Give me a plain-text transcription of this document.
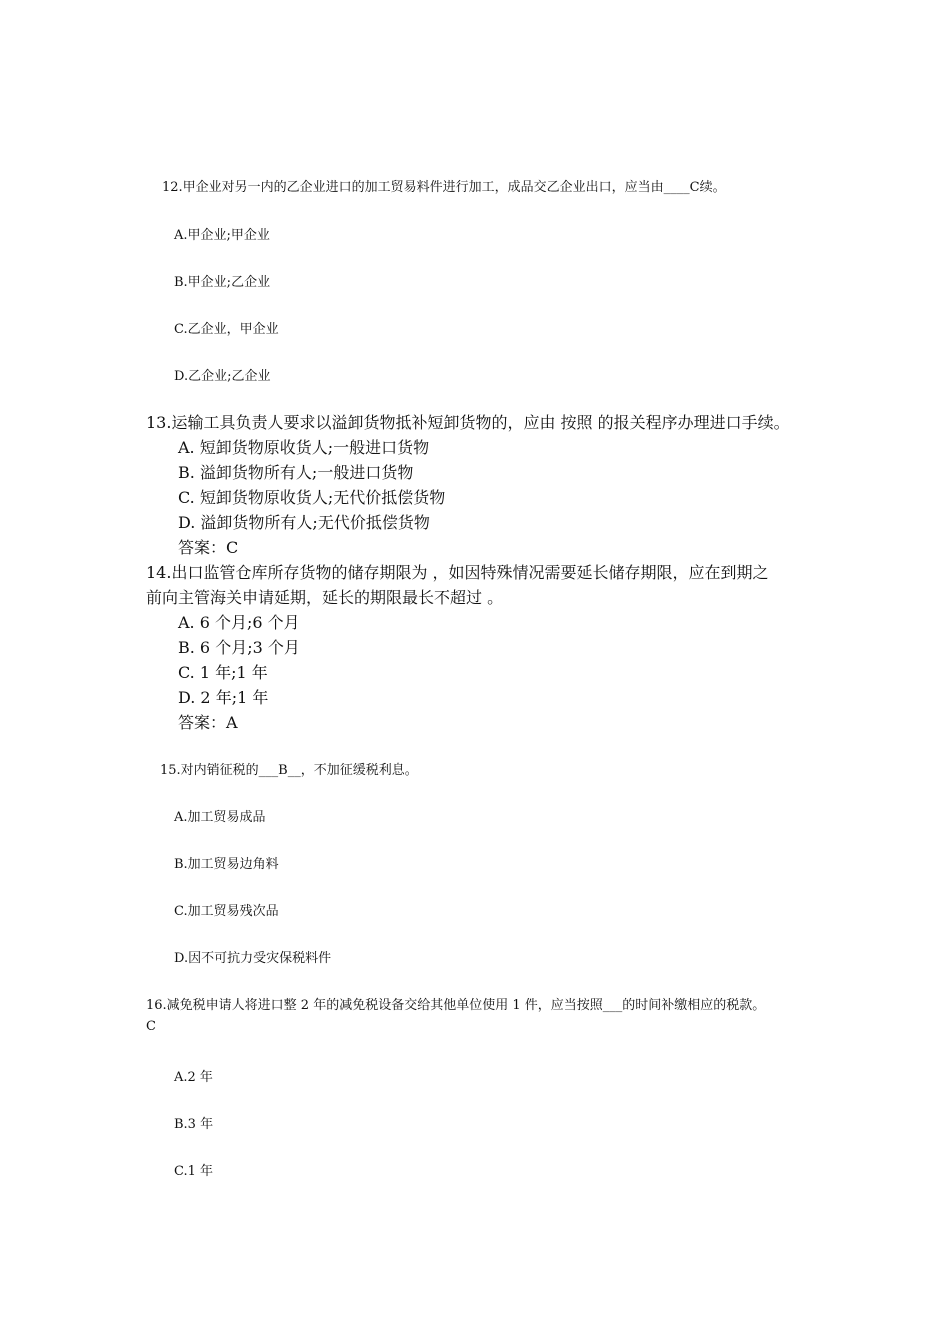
12.甲企业对另一内的乙企业进口的加工贸易料件进行加工，成品交乙企业出口，应当由____C续。
A.甲企业;甲企业
B.甲企业;乙企业
C.乙企业，甲企业
D.乙企业;乙企业
13.运输工具负责人要求以溢卸货物抵补短卸货物的，应由 按照 的报关程序办理进口手续。
A. 短卸货物原收货人;一般进口货物
B. 溢卸货物所有人;一般进口货物
C. 短卸货物原收货人;无代价抵偿货物
D. 溢卸货物所有人;无代价抵偿货物
答案：C
14.出口监管仓库所存货物的储存期限为 ，如因特殊情况需要延长储存期限，应在到期之
前向主管海关申请延期，延长的期限最长不超过 。
A. 6 个月;6 个月
B. 6 个月;3 个月
C. 1 年;1 年
D. 2 年;1 年
答案：A
15.对内销征税的___B__，不加征缓税利息。
A.加工贸易成品
B.加工贸易边角料
C.加工贸易残次品
D.因不可抗力受灾保税料件
16.减免税申请人将进口整 2 年的减免税设备交给其他单位使用 1 件，应当按照___的时间补缴相应的税款。
C
A.2 年
B.3 年
C.1 年
